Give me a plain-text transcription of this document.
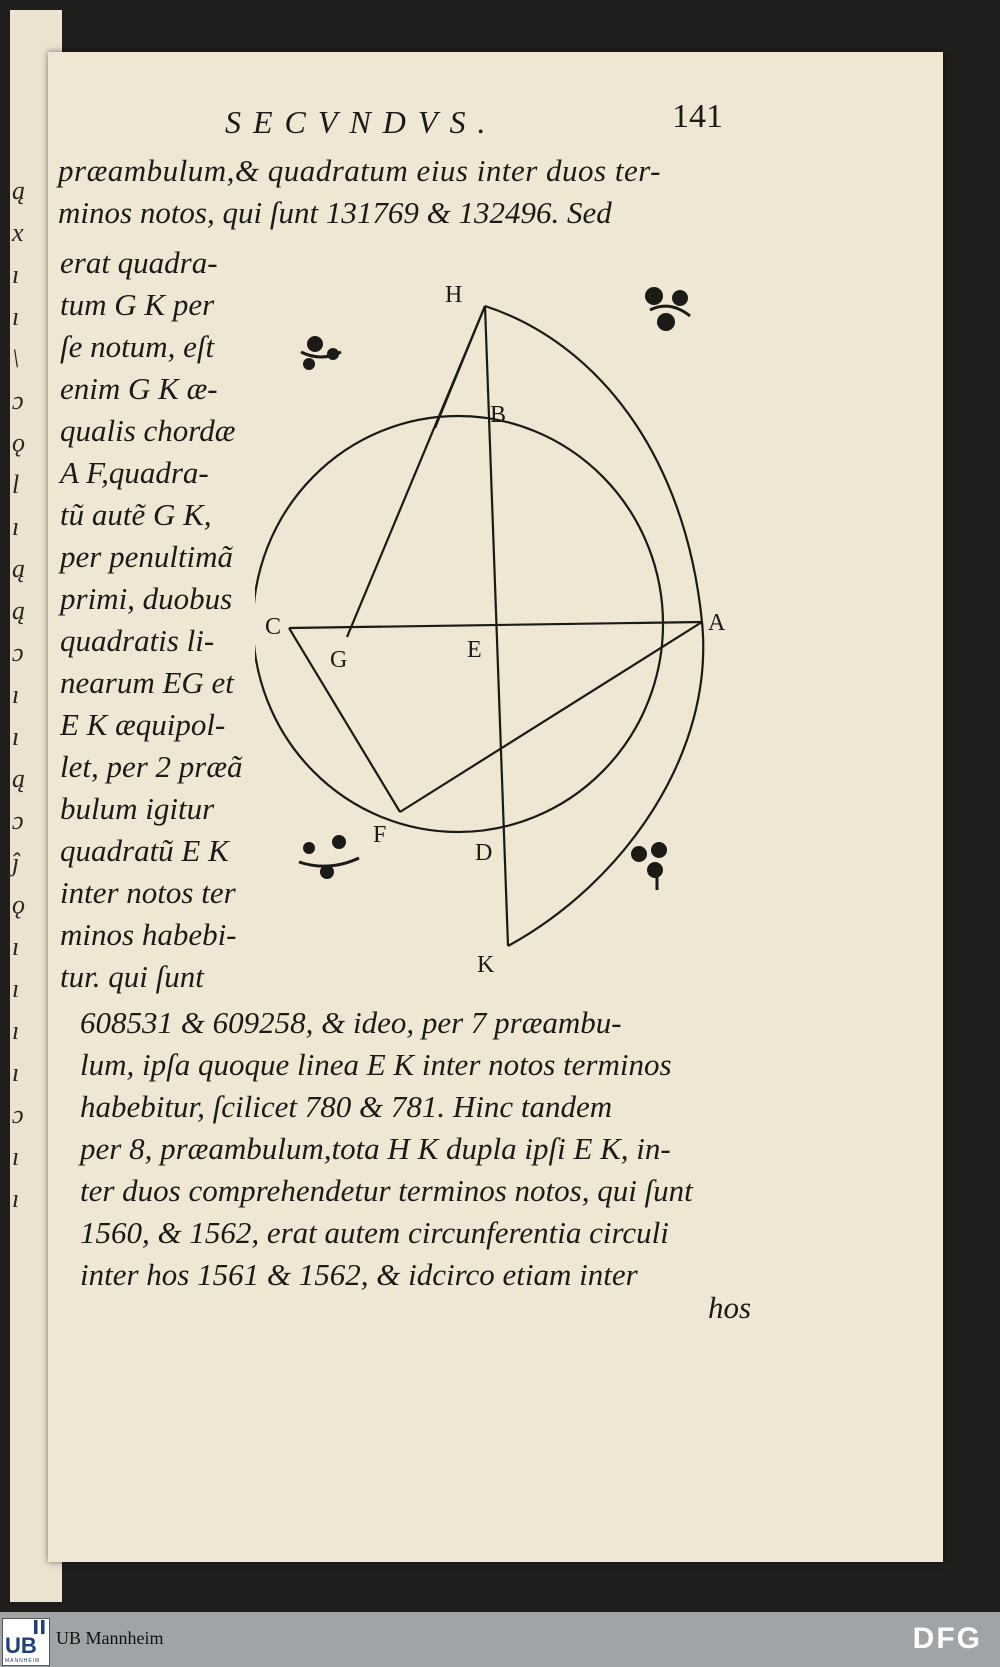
ą
x
ı
ı
\
ɔ
ǫ
l
ı
ą
ą
ɔ
ı
ı
ą
ɔ
ĵ
ǫ
ı
ı
ı
ı
ɔ
ı
ı
SECVNDVS.	141
præambulum,& quadratum eius inter duos ter-
minos notos, qui ſunt 131769 & 132496. Sed
erat quadra-
tum G K per
ſe notum, eſt
enim G K æ-
qualis chordæ
A F,quadra-
tũ autẽ G K,
per penultimã
primi, duobus
quadratis li-
nearum EG et
E K æquipol-
let, per 2 præã
bulum igitur
quadratũ E K
inter notos ter
minos habebi-
tur. qui ſunt
608531 & 609258, & ideo, per 7 præambu-
lum, ipſa quoque linea E K inter notos terminos
habebitur, ſcilicet 780 & 781. Hinc tandem
per 8, præambulum,tota H K dupla ipſi E K, in-
ter duos comprehendetur terminos notos, qui ſunt
1560, & 1562, erat autem circunferentia circuli
inter hos 1561 & 1562, & idcirco etiam inter
hos
H
B
C
G	E
A
F
D
K
UB
MANNHEIM
UB Mannheim	DFG
